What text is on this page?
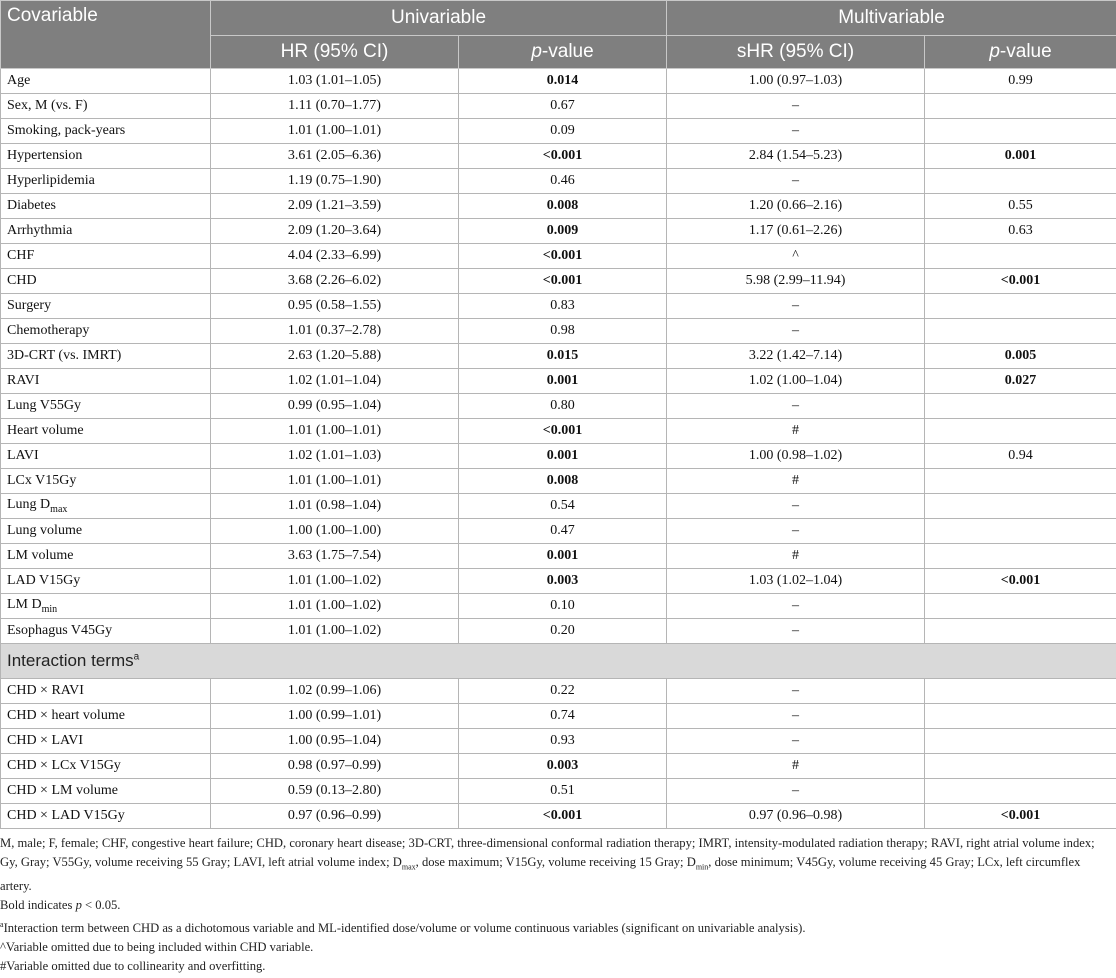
Covariable	Univariable		Multivariable	
	HR (95% CI)	p-value	sHR (95% CI)	p-value
Age	1.03 (1.01–1.05)	0.014	1.00 (0.97–1.03)	0.99
Sex, M (vs. F)	1.11 (0.70–1.77)	0.67	–	
Smoking, pack-years	1.01 (1.00–1.01)	0.09	–	
Hypertension	3.61 (2.05–6.36)	<0.001	2.84 (1.54–5.23)	0.001
Hyperlipidemia	1.19 (0.75–1.90)	0.46	–	
Diabetes	2.09 (1.21–3.59)	0.008	1.20 (0.66–2.16)	0.55
Arrhythmia	2.09 (1.20–3.64)	0.009	1.17 (0.61–2.26)	0.63
CHF	4.04 (2.33–6.99)	<0.001	^	
CHD	3.68 (2.26–6.02)	<0.001	5.98 (2.99–11.94)	<0.001
Surgery	0.95 (0.58–1.55)	0.83	–	
Chemotherapy	1.01 (0.37–2.78)	0.98	–	
3D-CRT (vs. IMRT)	2.63 (1.20–5.88)	0.015	3.22 (1.42–7.14)	0.005
RAVI	1.02 (1.01–1.04)	0.001	1.02 (1.00–1.04)	0.027
Lung V55Gy	0.99 (0.95–1.04)	0.80	–	
Heart volume	1.01 (1.00–1.01)	<0.001	#	
LAVI	1.02 (1.01–1.03)	0.001	1.00 (0.98–1.02)	0.94
LCx V15Gy	1.01 (1.00–1.01)	0.008	#	
Lung $D_{max}$	1.01 (0.98–1.04)	0.54	–	
Lung volume	1.00 (1.00–1.00)	0.47	–	
LM volume	3.63 (1.75–7.54)	0.001	#	
LAD V15Gy	1.01 (1.00–1.02)	0.003	1.03 (1.02–1.04)	<0.001
LM $D_{min}$	1.01 (1.00–1.02)	0.10	–	
Esophagus V45Gy	1.01 (1.00–1.02)	0.20	–	
Interaction terms$^a$
CHD × RAVI	1.02 (0.99–1.06)	0.22	–	
CHD × heart volume	1.00 (0.99–1.01)	0.74	–	
CHD × LAVI	1.00 (0.95–1.04)	0.93	–	
CHD × LCx V15Gy	0.98 (0.97–0.99)	0.003	#	
CHD × LM volume	0.59 (0.13–2.80)	0.51	–	
CHD × LAD V15Gy	0.97 (0.96–0.99)	<0.001	0.97 (0.96–0.98)	<0.001

M, male; F, female; CHF, congestive heart failure; CHD, coronary heart disease; 3D-CRT, three-dimensional conformal radiation therapy; IMRT, intensity-modulated radiation therapy; RAVI, right atrial volume index; Gy, Gray; V55Gy, volume receiving 55 Gray; LAVI, left atrial volume index; $D_{max}$, dose maximum; V15Gy, volume receiving 15 Gray; $D_{min}$, dose minimum; V45Gy, volume receiving 45 Gray; LCx, left circumflex artery.

Bold indicates p < 0.05.

$^a$Interaction term between CHD as a dichotomous variable and ML-identified dose/volume or volume continuous variables (significant on univariable analysis).

^Variable omitted due to being included within CHD variable.

#Variable omitted due to collinearity and overfitting.
